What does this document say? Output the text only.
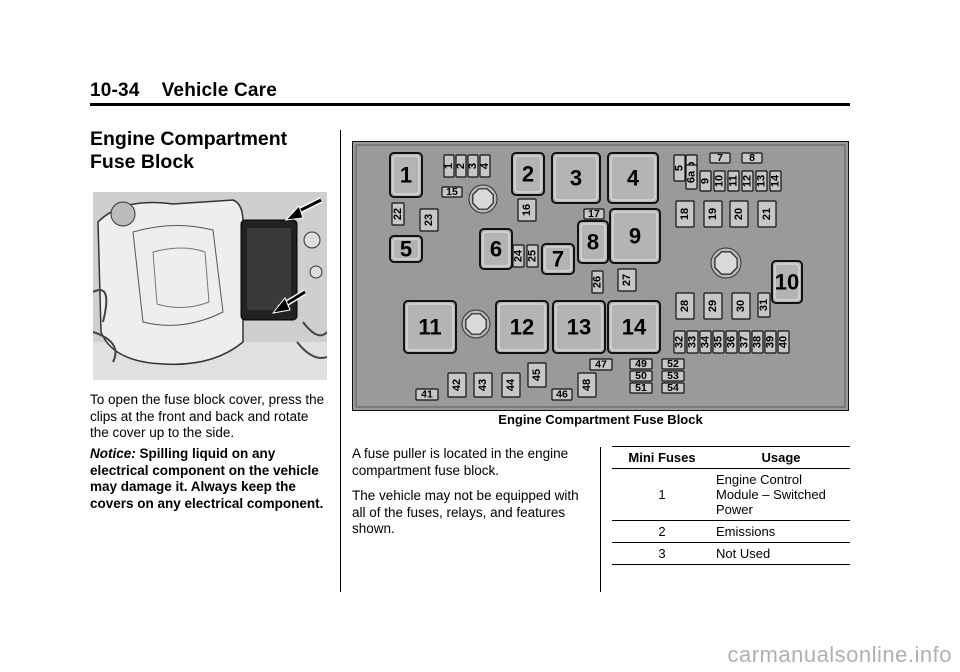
10-34 Vehicle Care
Engine Compartment
Fuse Block

To open the fuse block cover, press the clips at the front and back and rotate the cover up to the side.

Notice: Spilling liquid on any electrical component on the vehicle may damage it. Always keep the covers on any electrical component.

1	2 3 4
5	6 7
8 9
10
11	12 13 14
1 2 3 4	5
6a
7 8
9 10 11 12 13 14
15
16	17	18 19 20 21
22 23
24 25
26 27
28 29 30 31
32 33 34 35 36 37 38 39 40
41
42 43 44
45
46
47
48
49
50
51
52
53
54
Engine Compartment Fuse Block

A fuse puller is located in the engine compartment fuse block.

The vehicle may not be equipped with all of the fuses, relays, and features shown.

Mini Fuses	Usage
1	Engine Control Module – Switched Power
2	Emissions
3	Not Used
carmanualsonline.info
